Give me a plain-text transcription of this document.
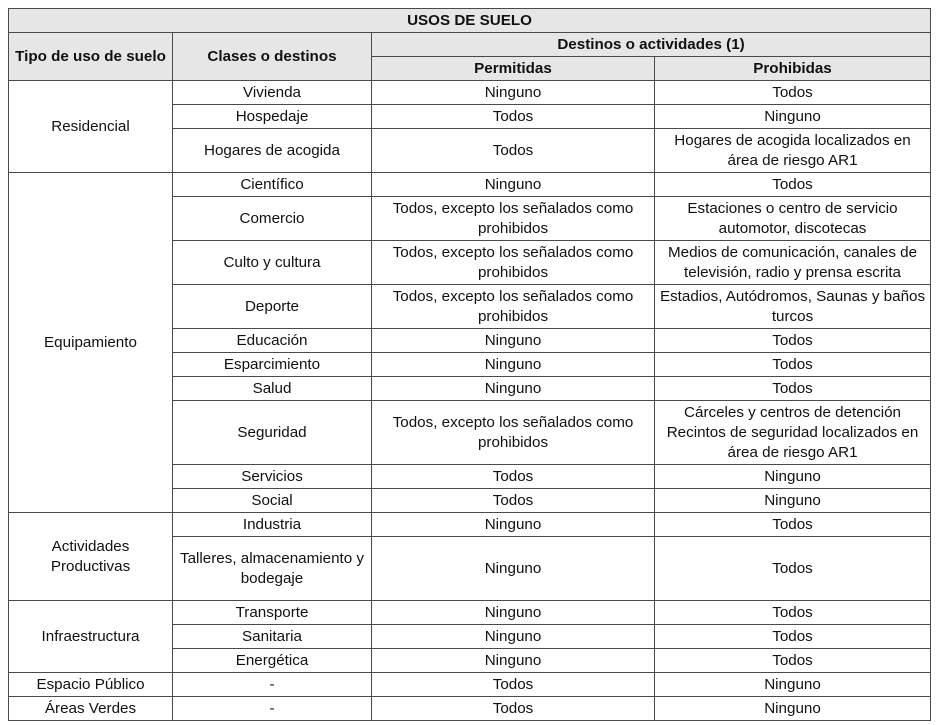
USOS DE SUELO			
Tipo de uso de suelo	Clases o destinos	Destinos o actividades (1)	
		Permitidas	Prohibidas
Residencial	Vivienda	Ninguno	Todos
	Hospedaje	Todos	Ninguno
	Hogares de acogida	Todos	Hogares de acogida localizados en área de riesgo AR1
Equipamiento	Científico	Ninguno	Todos
	Comercio	Todos, excepto los señalados como prohibidos	Estaciones o centro de servicio automotor, discotecas
	Culto y cultura	Todos, excepto los señalados como prohibidos	Medios de comunicación, canales de televisión, radio y prensa escrita
	Deporte	Todos, excepto los señalados como prohibidos	Estadios, Autódromos, Saunas y baños turcos
	Educación	Ninguno	Todos
	Esparcimiento	Ninguno	Todos
	Salud	Ninguno	Todos
	Seguridad	Todos, excepto los señalados como prohibidos	Cárceles y centros de detención Recintos de seguridad localizados en área de riesgo AR1
	Servicios	Todos	Ninguno
	Social	Todos	Ninguno
Actividades Productivas	Industria	Ninguno	Todos
	Talleres, almacenamiento y bodegaje	Ninguno	Todos
Infraestructura	Transporte	Ninguno	Todos
	Sanitaria	Ninguno	Todos
	Energética	Ninguno	Todos
Espacio Público	-	Todos	Ninguno
Áreas Verdes	-	Todos	Ninguno
